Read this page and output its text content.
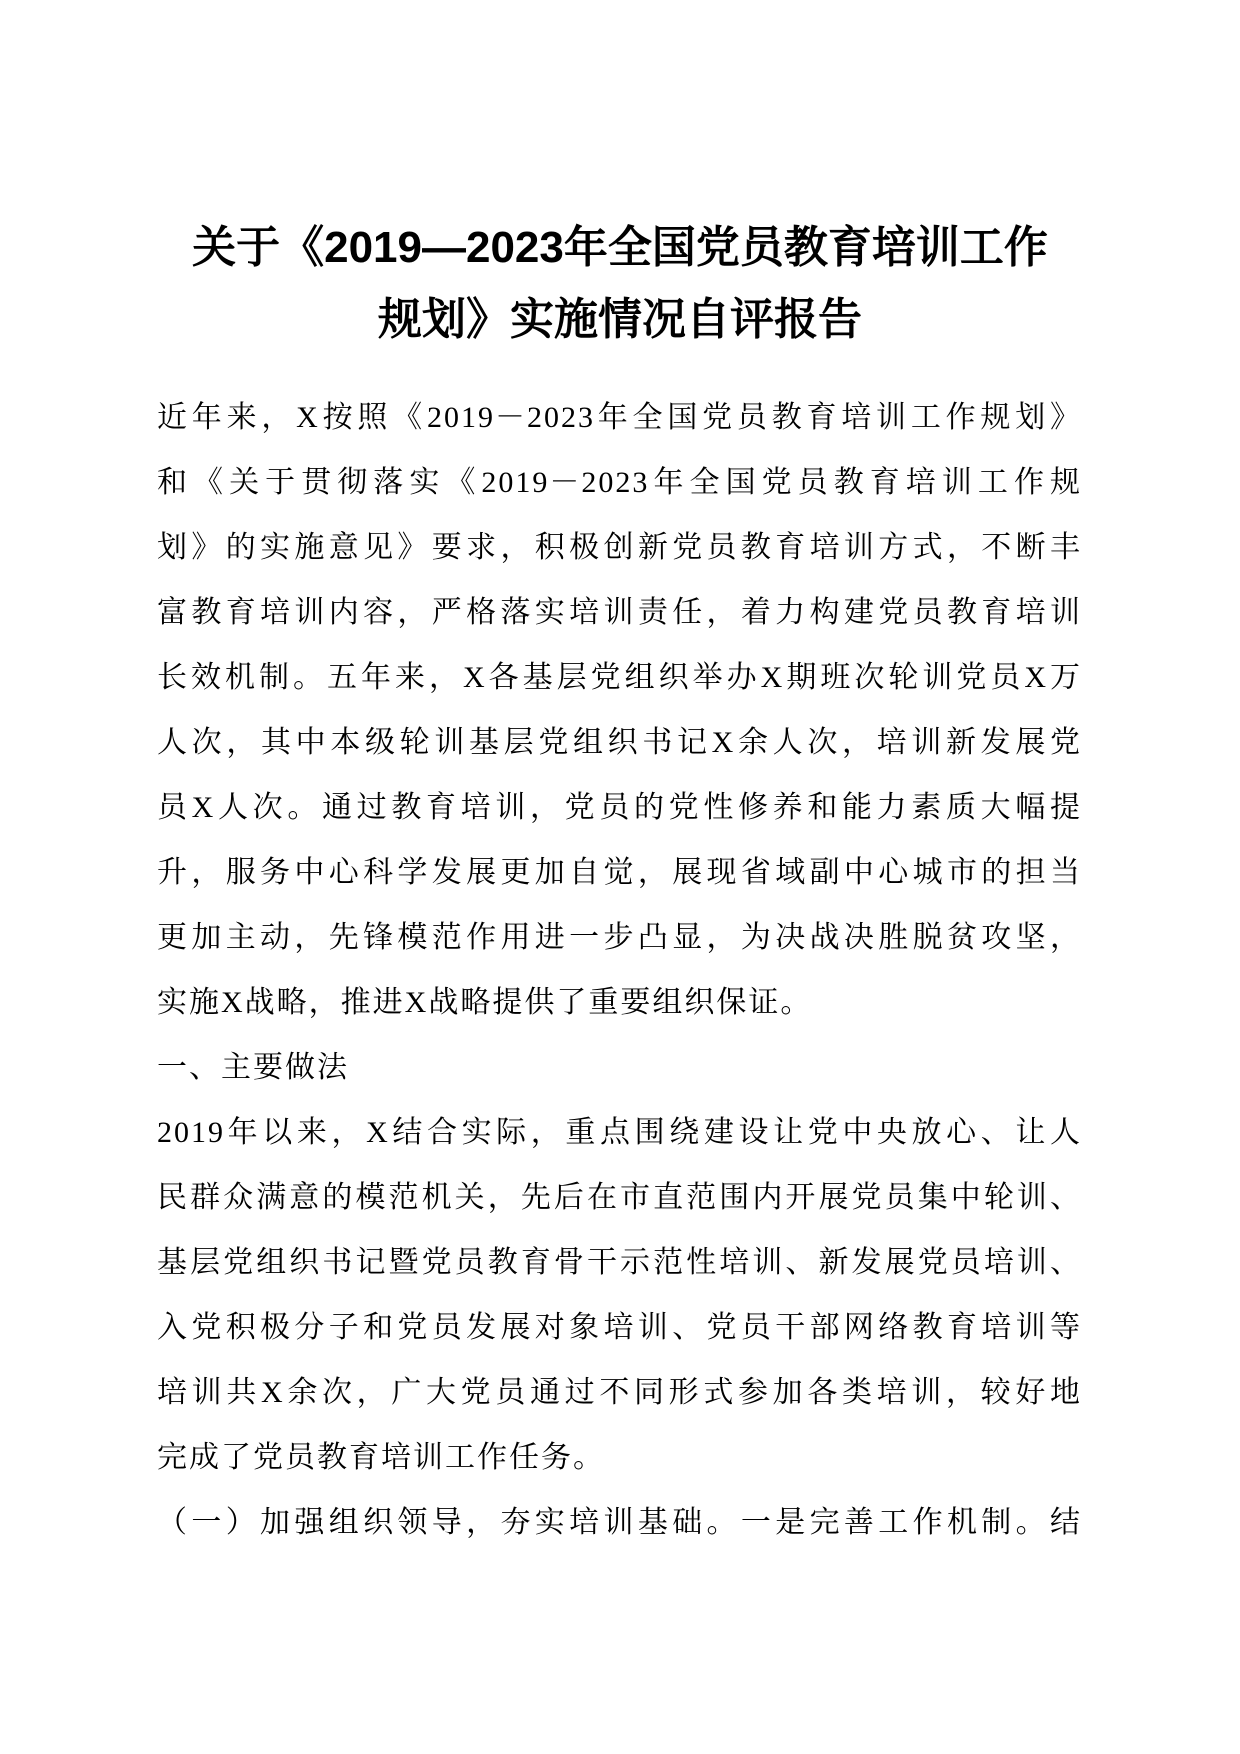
关于《2019—2023年全国党员教育培训工作
规划》实施情况自评报告
近年来，X按照《2019－2023年全国党员教育培训工作规划》
和《关于贯彻落实《2019－2023年全国党员教育培训工作规
划》的实施意见》要求，积极创新党员教育培训方式，不断丰
富教育培训内容，严格落实培训责任，着力构建党员教育培训
长效机制。五年来，X各基层党组织举办X期班次轮训党员X万
人次，其中本级轮训基层党组织书记X余人次，培训新发展党
员X人次。通过教育培训，党员的党性修养和能力素质大幅提
升，服务中心科学发展更加自觉，展现省域副中心城市的担当
更加主动，先锋模范作用进一步凸显，为决战决胜脱贫攻坚，
实施X战略，推进X战略提供了重要组织保证。
一、主要做法
2019年以来，X结合实际，重点围绕建设让党中央放心、让人
民群众满意的模范机关，先后在市直范围内开展党员集中轮训、
基层党组织书记暨党员教育骨干示范性培训、新发展党员培训、
入党积极分子和党员发展对象培训、党员干部网络教育培训等
培训共X余次，广大党员通过不同形式参加各类培训，较好地
完成了党员教育培训工作任务。
（一）加强组织领导，夯实培训基础。一是完善工作机制。结
